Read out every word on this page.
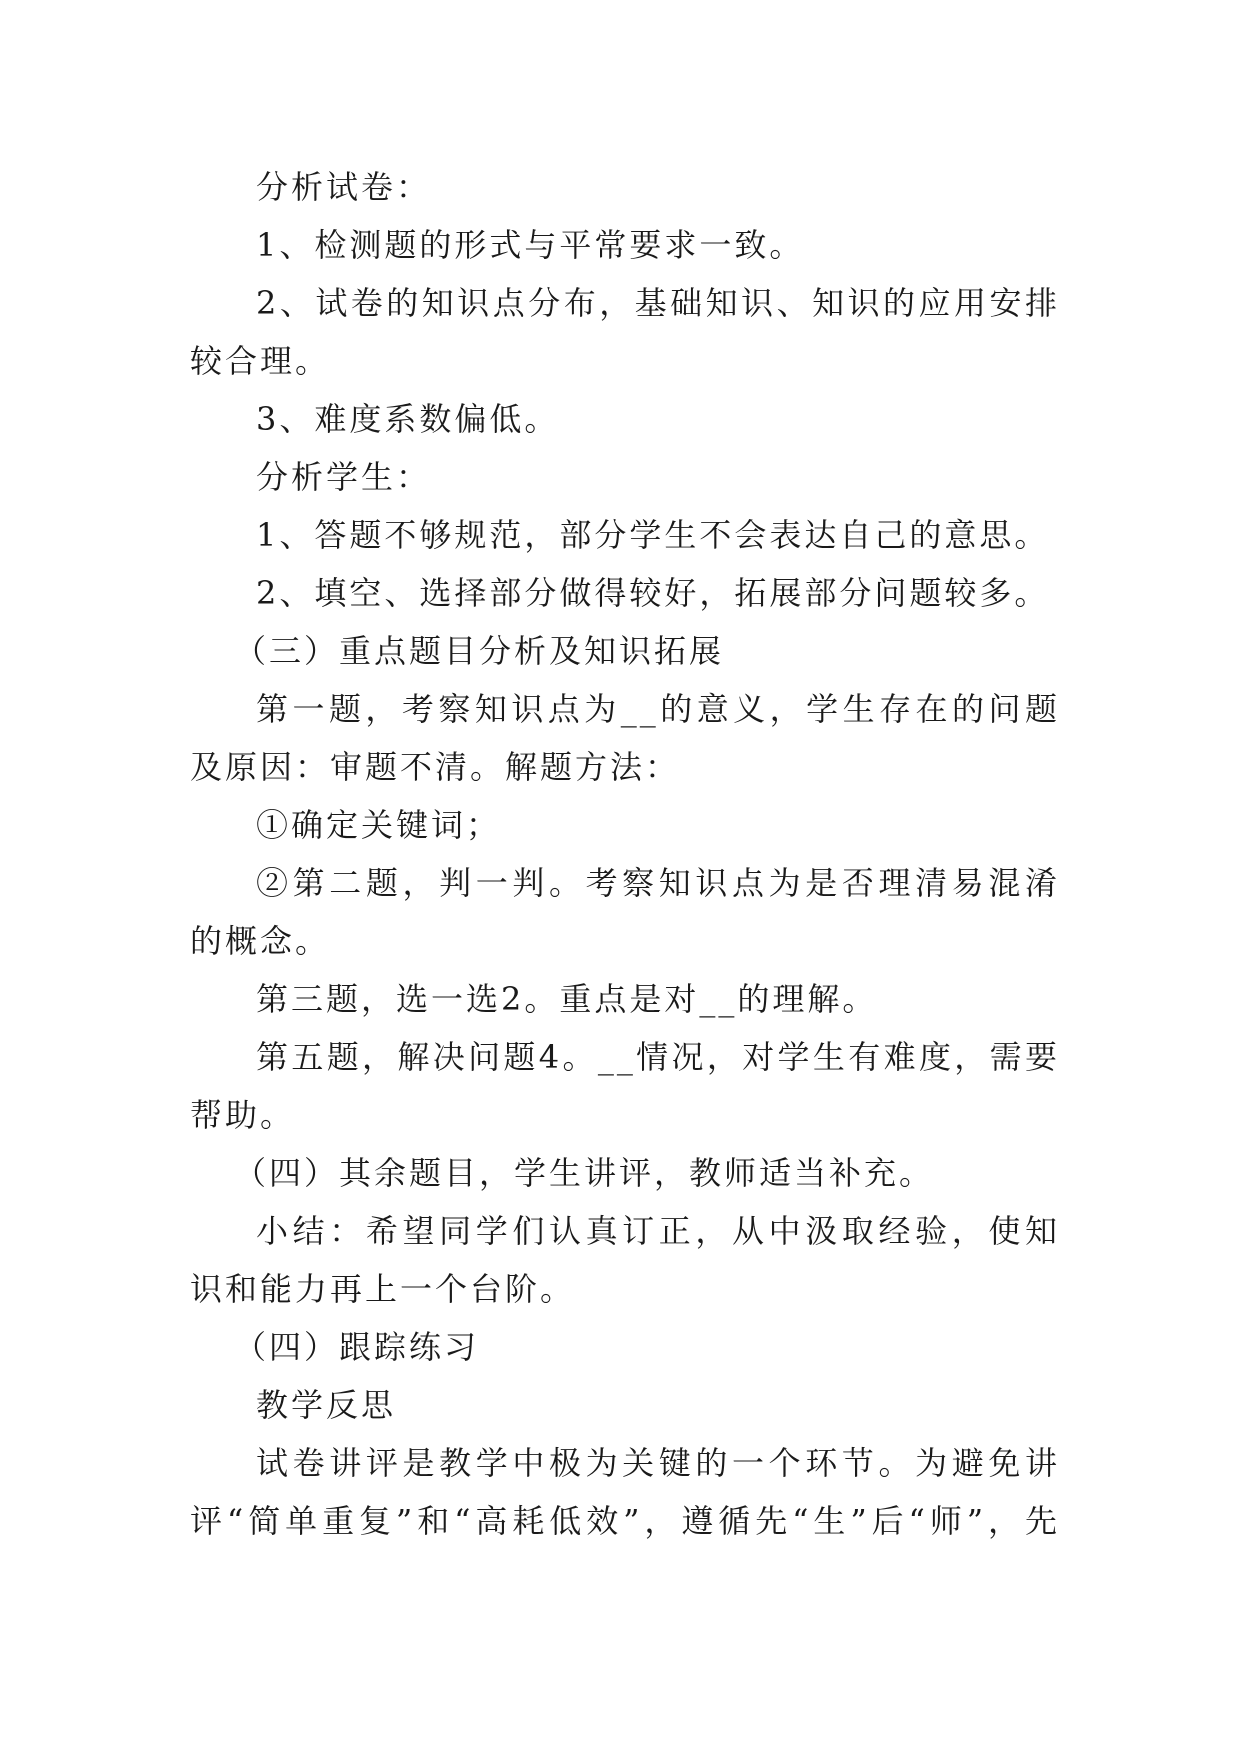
分析试卷：

1、检测题的形式与平常要求一致。

2、试卷的知识点分布，基础知识、知识的应用安排较合理。

3、难度系数偏低。

分析学生：

1、答题不够规范，部分学生不会表达自己的意思。

2、填空、选择部分做得较好，拓展部分问题较多。

（三）重点题目分析及知识拓展

第一题，考察知识点为__的意义，学生存在的问题及原因：审题不清。解题方法：

①确定关键词；

②第二题，判一判。考察知识点为是否理清易混淆的概念。

第三题，选一选2。重点是对__的理解。

第五题，解决问题4。__情况，对学生有难度，需要帮助。

（四）其余题目，学生讲评，教师适当补充。

小结：希望同学们认真订正，从中汲取经验，使知识和能力再上一个台阶。

（四）跟踪练习

教学反思

试卷讲评是教学中极为关键的一个环节。为避免讲评“简单重复”和“高耗低效”，遵循先“生”后“师”，先
